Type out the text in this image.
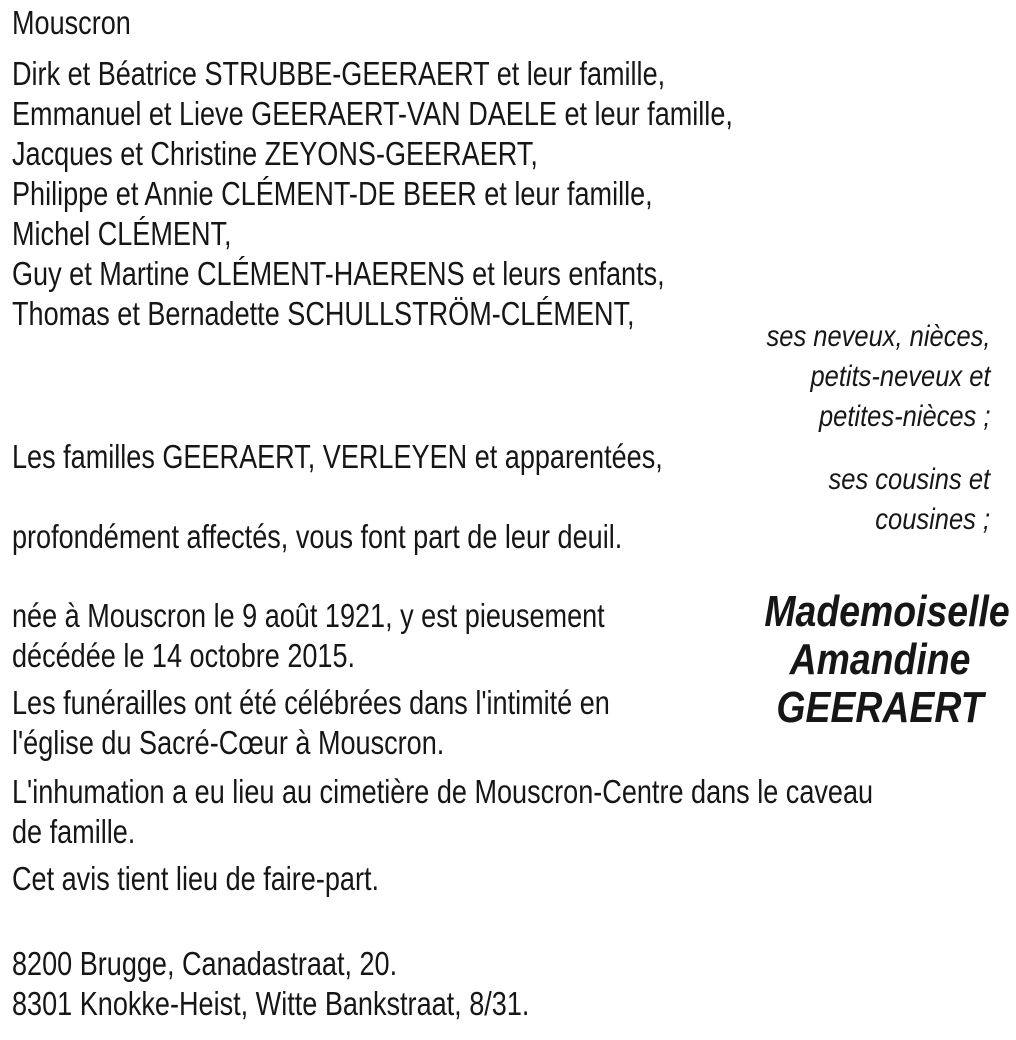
Mouscron
Dirk et Béatrice STRUBBE-GEERAERT et leur famille,
Emmanuel et Lieve GEERAERT-VAN DAELE et leur famille,
Jacques et Christine ZEYONS-GEERAERT,
Philippe et Annie CLÉMENT-DE BEER et leur famille,
Michel CLÉMENT,
Guy et Martine CLÉMENT-HAERENS et leurs enfants,
Thomas et Bernadette SCHULLSTRÖM-CLÉMENT,
ses neveux, nièces,
petits-neveux et
petites-nièces ;
Les familles GEERAERT, VERLEYEN et apparentées,
ses cousins et
cousines ;
profondément affectés, vous font part de leur deuil.
née à Mouscron le 9 août 1921, y est pieusement
décédée le 14 octobre 2015.
Mademoiselle
Amandine
GEERAERT
Les funérailles ont été célébrées dans l'intimité en
l'église du Sacré-Cœur à Mouscron.
L'inhumation a eu lieu au cimetière de Mouscron-Centre dans le caveau
de famille.
Cet avis tient lieu de faire-part.
8200 Brugge, Canadastraat, 20.
8301 Knokke-Heist, Witte Bankstraat, 8/31.
